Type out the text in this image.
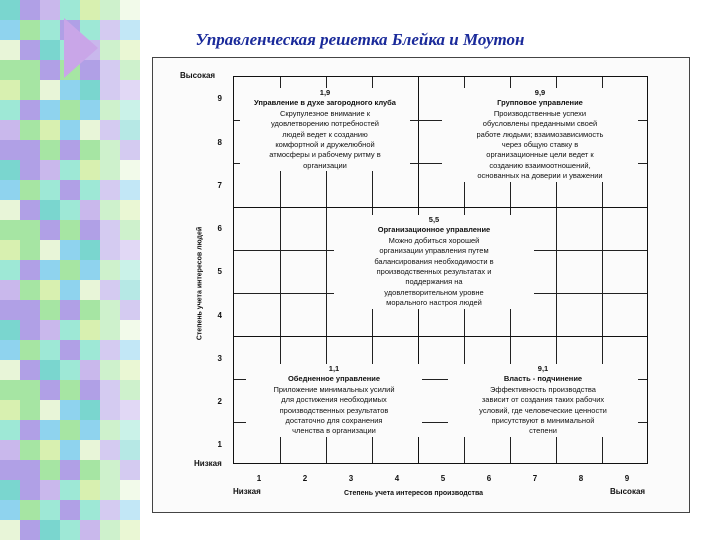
Управленческая решетка Блейка и Моутон
Высокая
Низкая
Степень учета интересов людей
9
8
7
6
5
4
3
2
1
1	2	3	4	5	6	7	8	9
Низкая	Степень учета интересов производства	Высокая
1,9
Управление в духе загородного клуба
Скрупулезное внимание к
удовлетворению потребностей
людей ведет к созданию
комфортной и дружелюбной
атмосферы и рабочему ритму в
организации
9,9
Групповое управление
Производственные успехи
обусловлены преданными своей
работе людьми; взаимозависимость
через общую ставку в
организационные цели ведет к
созданию взаимоотношений,
основанных на доверии и уважении
5,5
Организационное управление
Можно добиться хорошей
организации управления путем
балансирования необходимости в
производственных результатах и
поддержания на
удовлетворительном уровне
морального настроя людей
1,1
Обедненное управление
Приложение минимальных усилий
для достижения необходимых
производственных результатов
достаточно для сохранения
членства в организации
9,1
Власть - подчинение
Эффективность производства
зависит от создания таких рабочих
условий, где человеческие ценности
присутствуют в минимальной
степени
